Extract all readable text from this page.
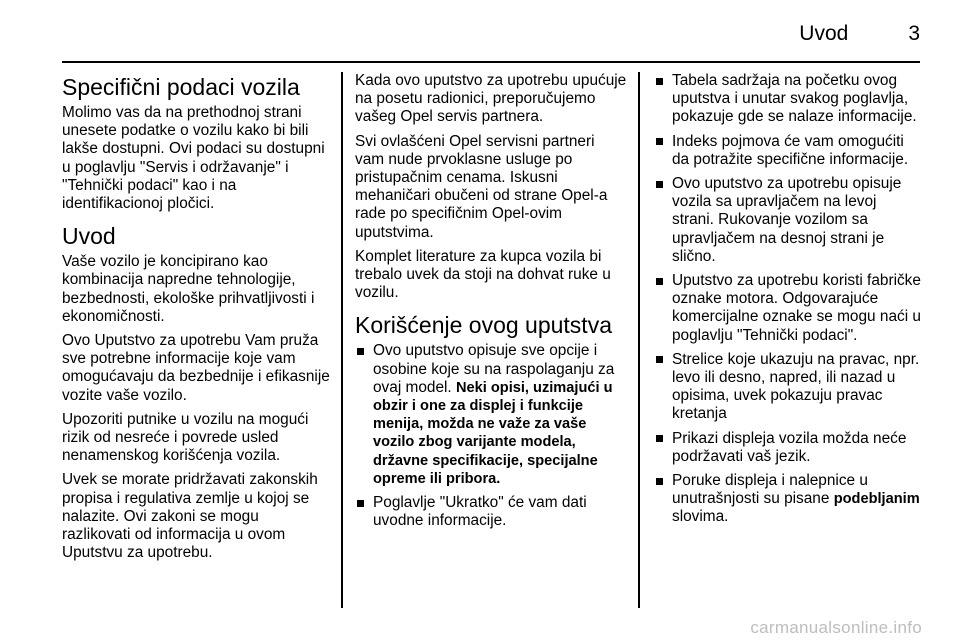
Uvod	3
Specifični podaci vozila

Molimo vas da na prethodnoj strani unesete podatke o vozilu kako bi bili lakše dostupni. Ovi podaci su dostupni u poglavlju "Servis i održavanje" i "Tehnički podaci" kao i na identifikacionoj pločici.

Uvod

Vaše vozilo je koncipirano kao kombinacija napredne tehnologije, bezbednosti, ekološke prihvatljivosti i ekonomičnosti.

Ovo Uputstvo za upotrebu Vam pruža sve potrebne informacije koje vam omogućavaju da bezbednije i efikasnije vozite vaše vozilo.

Upozoriti putnike u vozilu na mogući rizik od nesreće i povrede usled nenamenskog korišćenja vozila.

Uvek se morate pridržavati zakonskih propisa i regulativa zemlje u kojoj se nalazite. Ovi zakoni se mogu razlikovati od informacija u ovom Uputstvu za upotrebu.

Kada ovo uputstvo za upotrebu upućuje na posetu radionici, preporučujemo vašeg Opel servis partnera.

Svi ovlašćeni Opel servisni partneri vam nude prvoklasne usluge po pristupačnim cenama. Iskusni mehaničari obučeni od strane Opel-a rade po specifičnim Opel-ovim uputstvima.

Komplet literature za kupca vozila bi trebalo uvek da stoji na dohvat ruke u vozilu.

Korišćenje ovog uputstva
Ovo uputstvo opisuje sve opcije i osobine koje su na raspolaganju za ovaj model. Neki opisi, uzimajući u obzir i one za displej i funkcije menija, možda ne važe za vaše vozilo zbog varijante modela, državne specifikacije, specijalne opreme ili pribora.
Poglavlje "Ukratko" će vam dati uvodne informacije.
Tabela sadržaja na početku ovog uputstva i unutar svakog poglavlja, pokazuje gde se nalaze informacije.
Indeks pojmova će vam omogućiti da potražite specifične informacije.
Ovo uputstvo za upotrebu opisuje vozila sa upravljačem na levoj strani. Rukovanje vozilom sa upravljačem na desnoj strani je slično.
Uputstvo za upotrebu koristi fabričke oznake motora. Odgovarajuće komercijalne oznake se mogu naći u poglavlju "Tehnički podaci".
Strelice koje ukazuju na pravac, npr. levo ili desno, napred, ili nazad u opisima, uvek pokazuju pravac kretanja
Prikazi displeja vozila možda neće podržavati vaš jezik.
Poruke displeja i nalepnice u unutrašnjosti su pisane podebljanim slovima.
carmanualsonline.info
